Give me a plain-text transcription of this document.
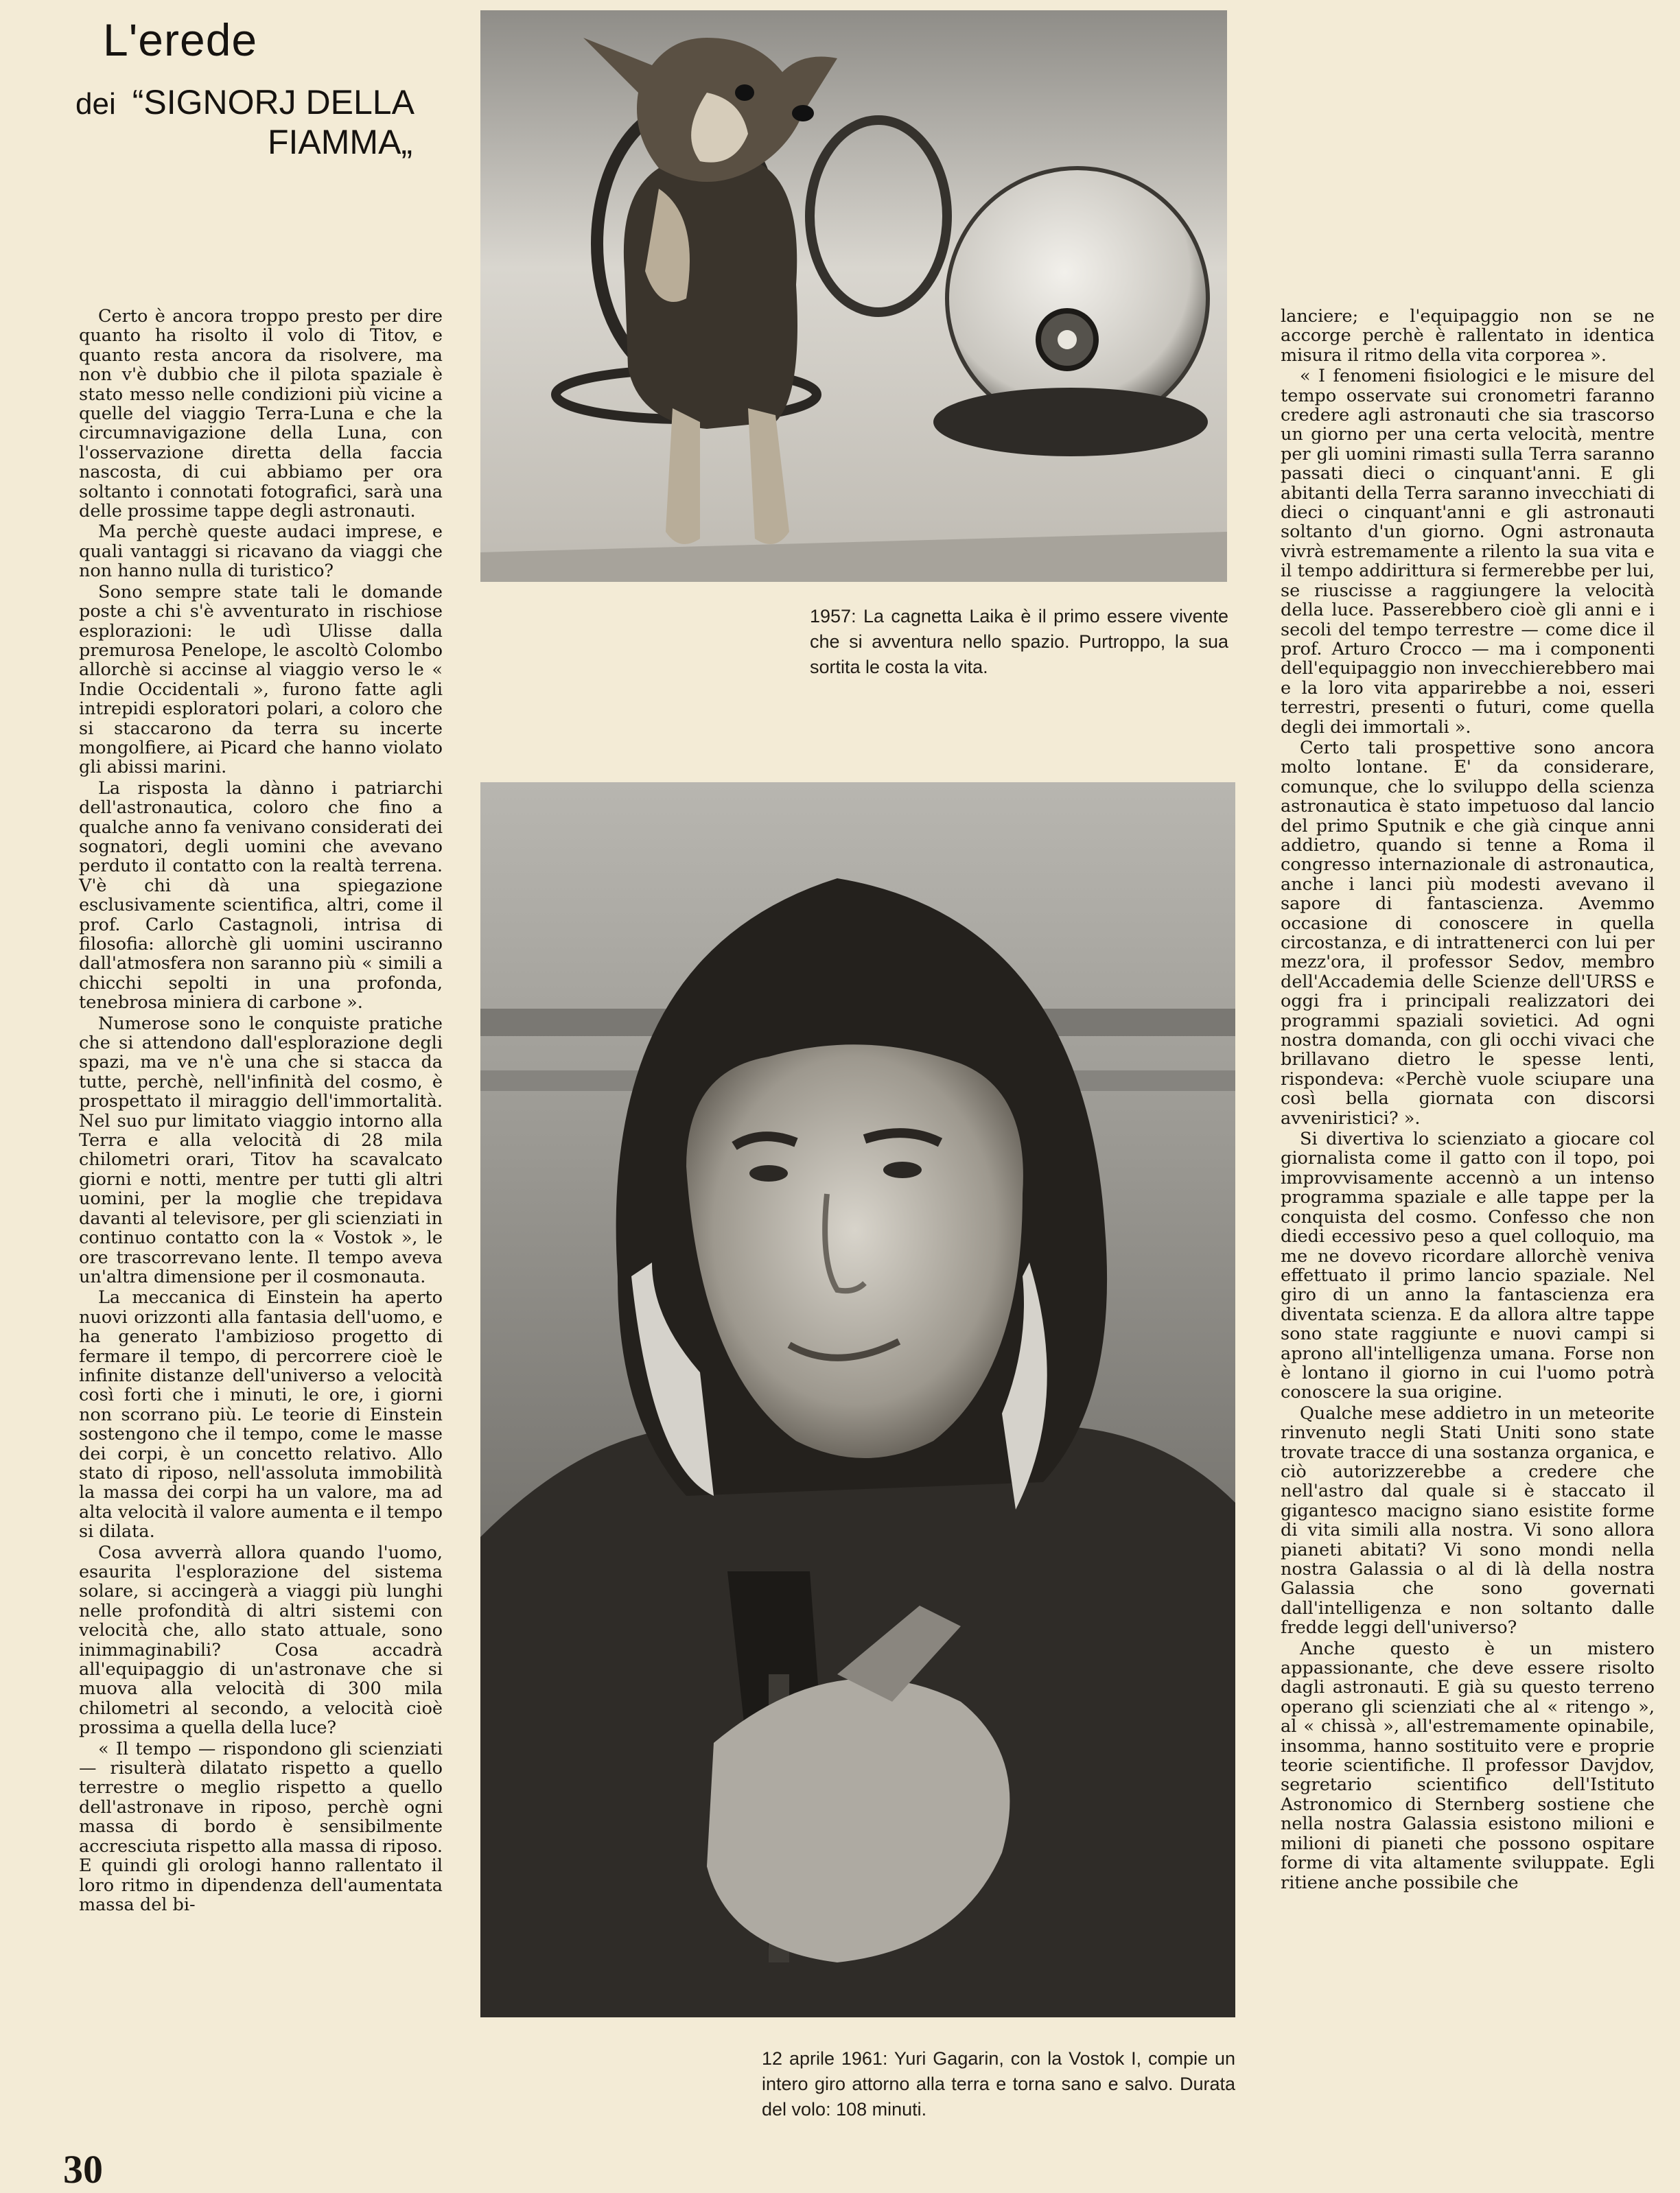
L'erede
dei “SIGNORJ DELLA
FIAMMA„

Certo è ancora troppo presto per dire quanto ha risolto il volo di Titov, e quanto resta ancora da risolvere, ma non v'è dubbio che il pilota spaziale è stato messo nelle condizioni più vicine a quelle del viaggio Terra-Luna e che la circumnavigazione della Luna, con l'osservazione diretta della faccia nascosta, di cui abbiamo per ora soltanto i connotati fotografici, sarà una delle prossime tappe degli astronauti.

Ma perchè queste audaci imprese, e quali vantaggi si ricavano da viaggi che non hanno nulla di turistico?

Sono sempre state tali le domande poste a chi s'è avventurato in rischiose esplorazioni: le udì Ulisse dalla premurosa Penelope, le ascoltò Colombo allorchè si accinse al viaggio verso le « Indie Occidentali », furono fatte agli intrepidi esploratori polari, a coloro che si staccarono da terra su incerte mongolfiere, ai Picard che hanno violato gli abissi marini.

La risposta la dànno i patriarchi dell'astronautica, coloro che fino a qualche anno fa venivano considerati dei sognatori, degli uomini che avevano perduto il contatto con la realtà terrena. V'è chi dà una spiegazione esclusivamente scientifica, altri, come il prof. Carlo Castagnoli, intrisa di filosofia: allorchè gli uomini usciranno dall'atmosfera non saranno più « simili a chicchi sepolti in una profonda, tenebrosa miniera di carbone ».

Numerose sono le conquiste pratiche che si attendono dall'esplorazione degli spazi, ma ve n'è una che si stacca da tutte, perchè, nell'infinità del cosmo, è prospettato il miraggio dell'immortalità. Nel suo pur limitato viaggio intorno alla Terra e alla velocità di 28 mila chilometri orari, Titov ha scavalcato giorni e notti, mentre per tutti gli altri uomini, per la moglie che trepidava davanti al televisore, per gli scienziati in continuo contatto con la « Vostok », le ore trascorrevano lente. Il tempo aveva un'altra dimensione per il cosmonauta.

La meccanica di Einstein ha aperto nuovi orizzonti alla fantasia dell'uomo, e ha generato l'ambizioso progetto di fermare il tempo, di percorrere cioè le infinite distanze dell'universo a velocità così forti che i minuti, le ore, i giorni non scorrano più. Le teorie di Einstein sostengono che il tempo, come le masse dei corpi, è un concetto relativo. Allo stato di riposo, nell'assoluta immobilità la massa dei corpi ha un valore, ma ad alta velocità il valore aumenta e il tempo si dilata.

Cosa avverrà allora quando l'uomo, esaurita l'esplorazione del sistema solare, si accingerà a viaggi più lunghi nelle profondità di altri sistemi con velocità che, allo stato attuale, sono inimmaginabili? Cosa accadrà all'equipaggio di un'astronave che si muova alla velocità di 300 mila chilometri al secondo, a velocità cioè prossima a quella della luce?

« Il tempo — rispondono gli scienziati — risulterà dilatato rispetto a quello terrestre o meglio rispetto a quello dell'astronave in riposo, perchè ogni massa di bordo è sensibilmente accresciuta rispetto alla massa di riposo. E quindi gli orologi hanno rallentato il loro ritmo in dipendenza dell'aumentata massa del bi-

1957: La cagnetta Laika è il primo essere vivente che si avventura nello spazio. Purtroppo, la sua sortita le costa la vita.
12 aprile 1961: Yuri Gagarin, con la Vostok I, compie un intero giro attorno alla terra e torna sano e salvo. Durata del volo: 108 minuti.

lanciere; e l'equipaggio non se ne accorge perchè è rallentato in identica misura il ritmo della vita corporea ».

« I fenomeni fisiologici e le misure del tempo osservate sui cronometri faranno credere agli astronauti che sia trascorso un giorno per una certa velocità, mentre per gli uomini rimasti sulla Terra saranno passati dieci o cinquant'anni. E gli abitanti della Terra saranno invecchiati di dieci o cinquant'anni e gli astronauti soltanto d'un giorno. Ogni astronauta vivrà estremamente a rilento la sua vita e il tempo addirittura si fermerebbe per lui, se riuscisse a raggiungere la velocità della luce. Passerebbero cioè gli anni e i secoli del tempo terrestre — come dice il prof. Arturo Crocco — ma i componenti dell'equipaggio non invecchierebbero mai e la loro vita apparirebbe a noi, esseri terrestri, presenti o futuri, come quella degli dei immortali ».

Certo tali prospettive sono ancora molto lontane. E' da considerare, comunque, che lo sviluppo della scienza astronautica è stato impetuoso dal lancio del primo Sputnik e che già cinque anni addietro, quando si tenne a Roma il congresso internazionale di astronautica, anche i lanci più modesti avevano il sapore di fantascienza. Avemmo occasione di conoscere in quella circostanza, e di intrattenerci con lui per mezz'ora, il professor Sedov, membro dell'Accademia delle Scienze dell'URSS e oggi fra i principali realizzatori dei programmi spaziali sovietici. Ad ogni nostra domanda, con gli occhi vivaci che brillavano dietro le spesse lenti, rispondeva: «Perchè vuole sciupare una così bella giornata con discorsi avveniristici? ».

Si divertiva lo scienziato a giocare col giornalista come il gatto con il topo, poi improvvisamente accennò a un intenso programma spaziale e alle tappe per la conquista del cosmo. Confesso che non diedi eccessivo peso a quel colloquio, ma me ne dovevo ricordare allorchè veniva effettuato il primo lancio spaziale. Nel giro di un anno la fantascienza era diventata scienza. E da allora altre tappe sono state raggiunte e nuovi campi si aprono all'intelligenza umana. Forse non è lontano il giorno in cui l'uomo potrà conoscere la sua origine.

Qualche mese addietro in un meteorite rinvenuto negli Stati Uniti sono state trovate tracce di una sostanza organica, e ciò autorizzerebbe a credere che nell'astro dal quale si è staccato il gigantesco macigno siano esistite forme di vita simili alla nostra. Vi sono allora pianeti abitati? Vi sono mondi nella nostra Galassia o al di là della nostra Galassia che sono governati dall'intelligenza e non soltanto dalle fredde leggi dell'universo?

Anche questo è un mistero appassionante, che deve essere risolto dagli astronauti. E già su questo terreno operano gli scienziati che al « ritengo », al « chissà », all'estremamente opinabile, insomma, hanno sostituito vere e proprie teorie scientifiche. Il professor Davjdov, segretario scientifico dell'Istituto Astronomico di Sternberg sostiene che nella nostra Galassia esistono milioni e milioni di pianeti che possono ospitare forme di vita altamente sviluppate. Egli ritiene anche possibile che

30
